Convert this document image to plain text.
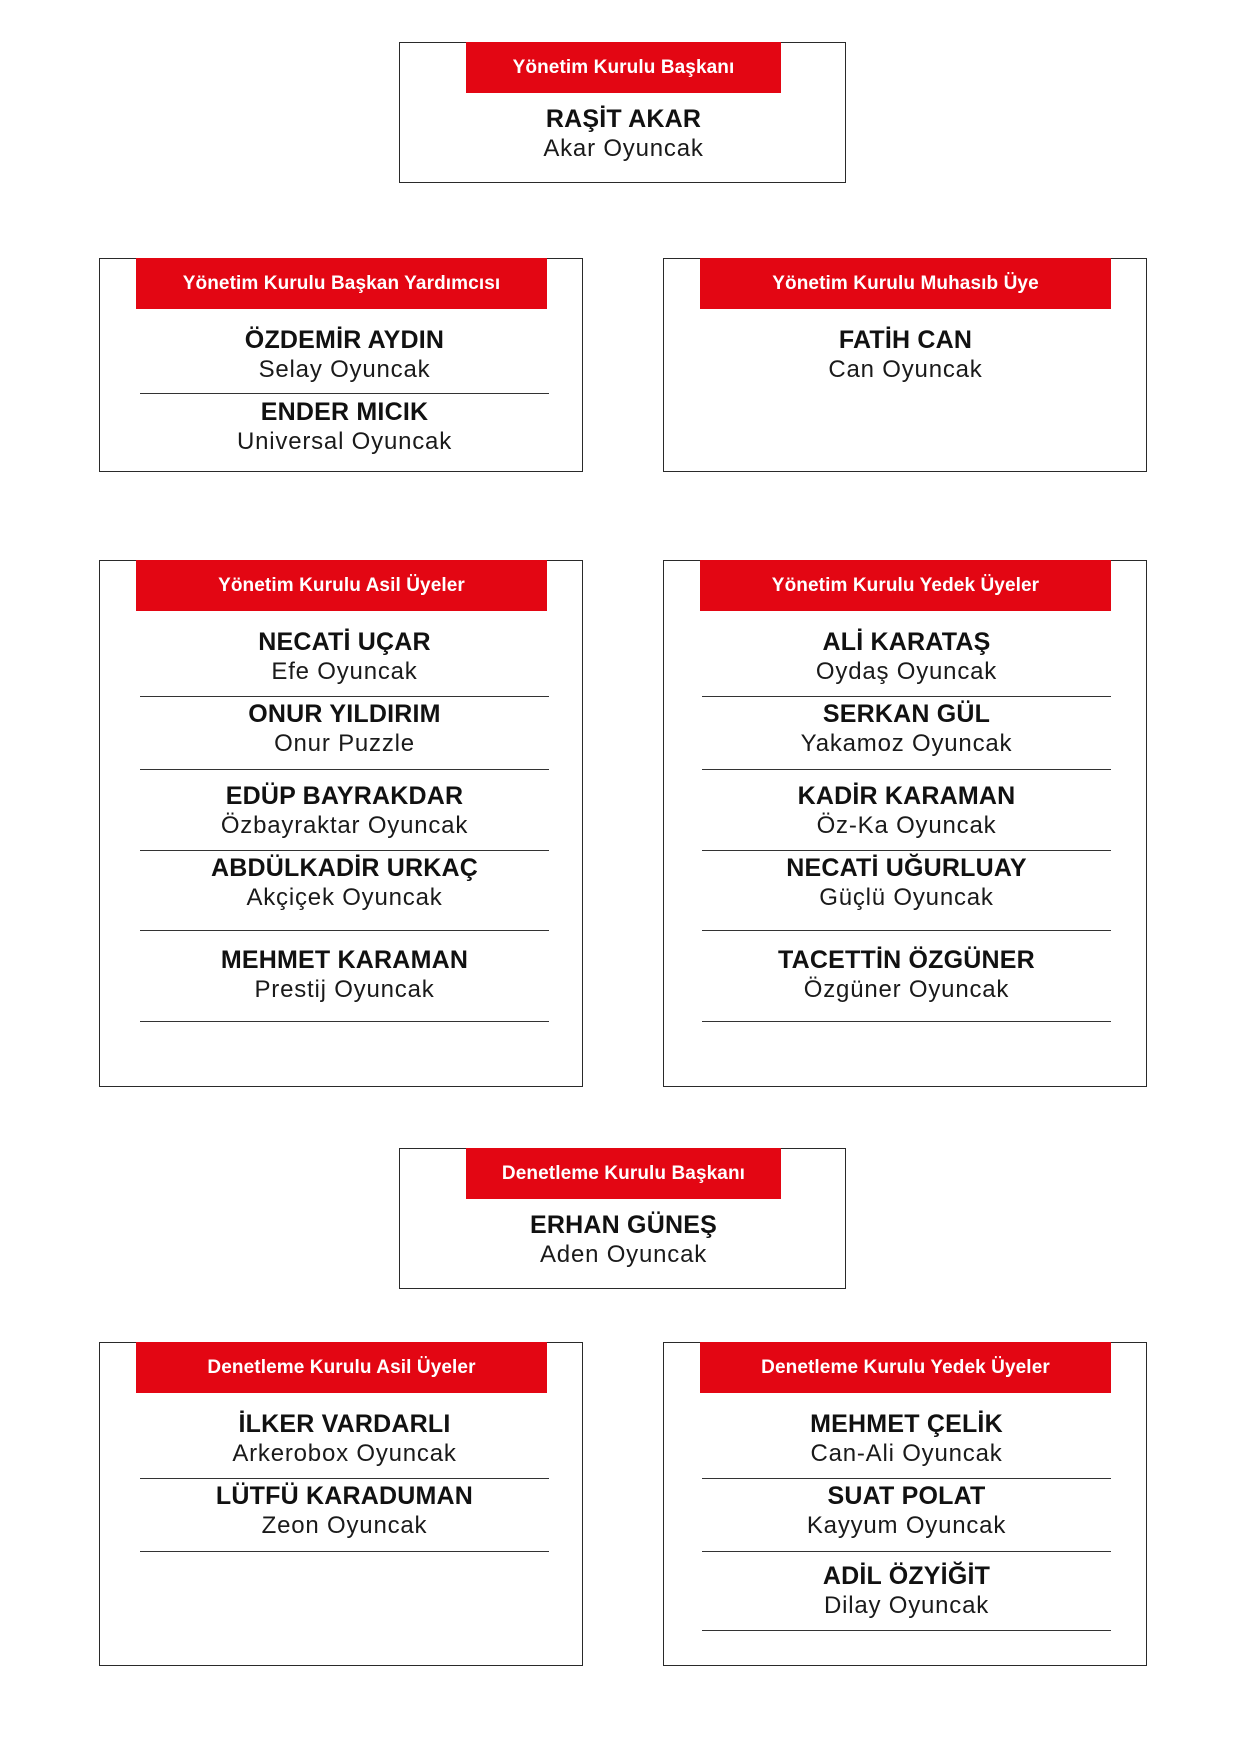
Yönetim Kurulu Başkanı
RAŞİT AKAR
Akar Oyuncak
Yönetim Kurulu Başkan Yardımcısı
ÖZDEMİR AYDIN
Selay Oyuncak
ENDER MICIK
Universal Oyuncak
Yönetim Kurulu Muhasıb Üye
FATİH CAN
Can Oyuncak
Yönetim Kurulu Asil Üyeler
NECATİ UÇAR
Efe Oyuncak
ONUR YILDIRIM
Onur Puzzle
EDÜP BAYRAKDAR
Özbayraktar Oyuncak
ABDÜLKADİR URKAÇ
Akçiçek Oyuncak
MEHMET KARAMAN
Prestij Oyuncak
Yönetim Kurulu Yedek Üyeler
ALİ KARATAŞ
Oydaş Oyuncak
SERKAN GÜL
Yakamoz Oyuncak
KADİR KARAMAN
Öz-Ka Oyuncak
NECATİ UĞURLUAY
Güçlü Oyuncak
TACETTİN ÖZGÜNER
Özgüner Oyuncak
Denetleme Kurulu Başkanı
ERHAN GÜNEŞ
Aden Oyuncak
Denetleme Kurulu Asil Üyeler
İLKER VARDARLI
Arkerobox Oyuncak
LÜTFÜ KARADUMAN
Zeon Oyuncak
Denetleme Kurulu Yedek Üyeler
MEHMET ÇELİK
Can-Ali Oyuncak
SUAT POLAT
Kayyum Oyuncak
ADİL ÖZYİĞİT
Dilay Oyuncak
